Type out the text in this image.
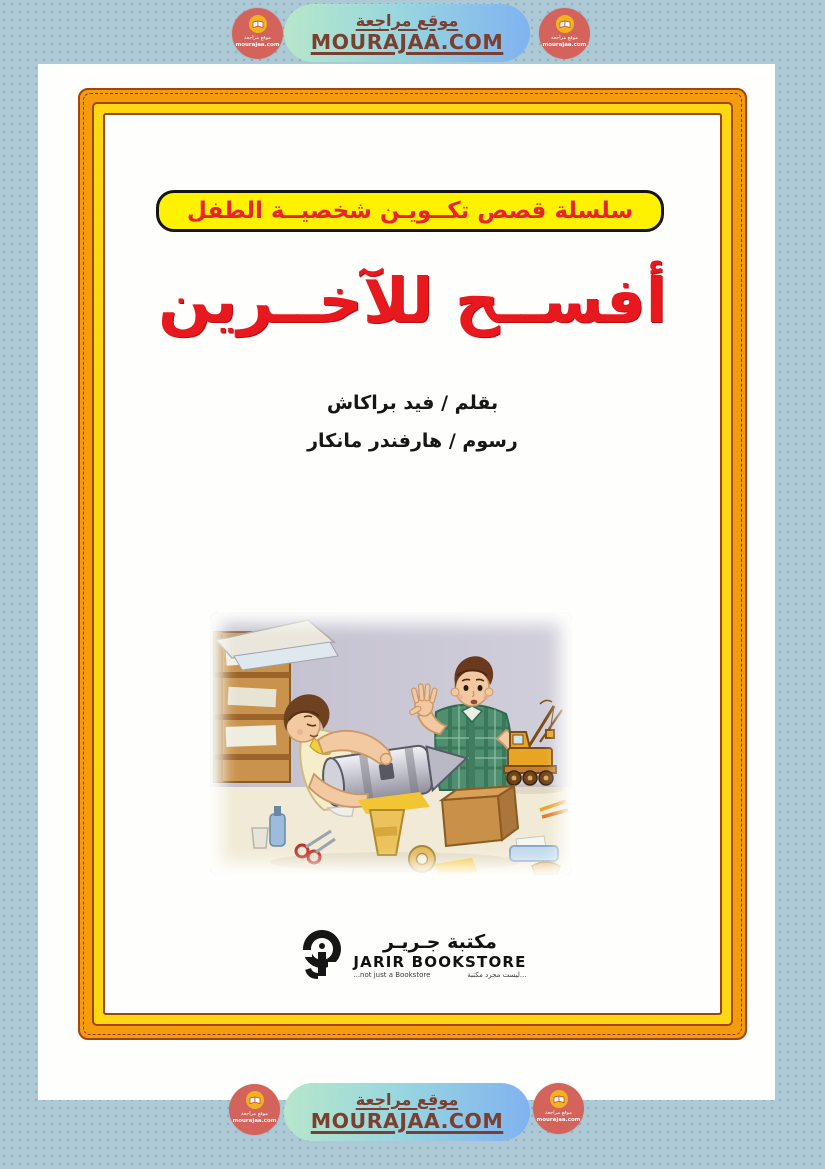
سلسلة قصص تكــويـن شخصيــة الطفل
أفســح للآخــرين
بقلم / فيد براكاش
رسوم / هارفندر مانكار
مكتبة جـريـر
JARIR BOOKSTORE
...not just a Bookstore	...ليست مجرد مكتبة
موقع مراجعة
MOURAJAA.COM
موقع مراجعة
mourajaa.com
موقع مراجعة
mourajaa.com
موقع مراجعة
MOURAJAA.COM
موقع مراجعة
mourajaa.com
موقع مراجعة
mourajaa.com
